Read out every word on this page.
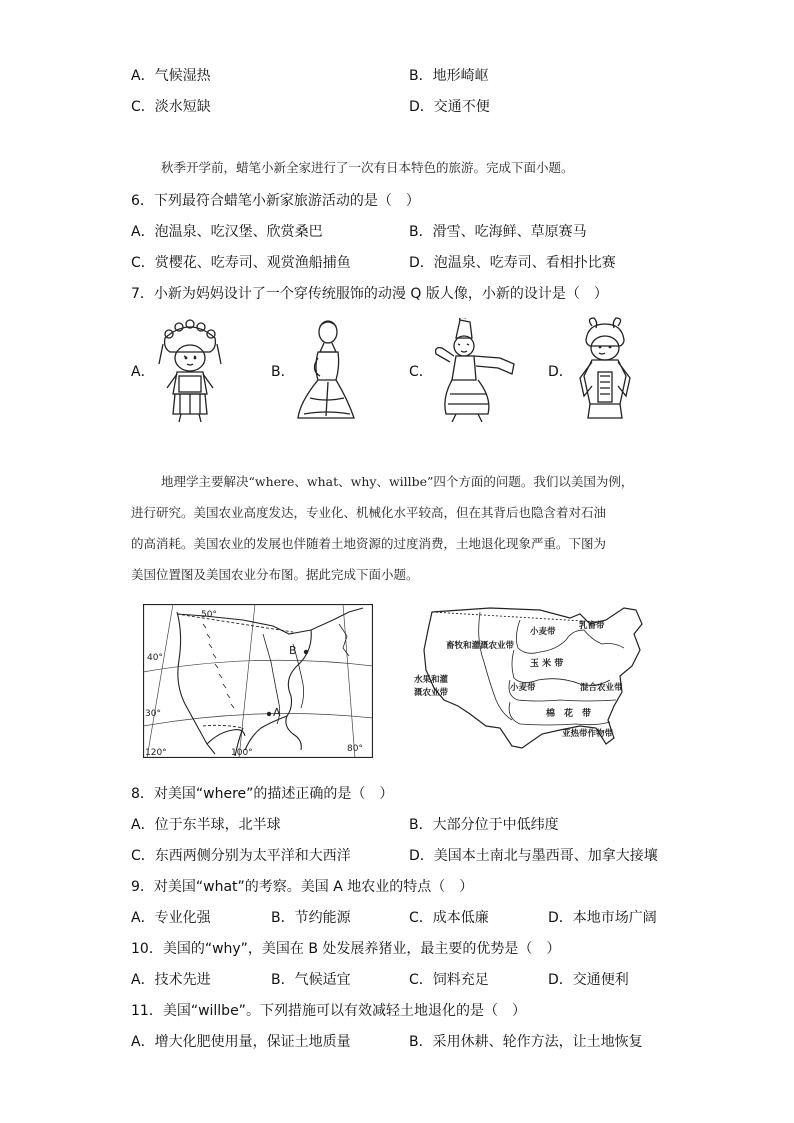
A．气候湿热	B．地形崎岖
C．淡水短缺	D．交通不便
秋季开学前，蜡笔小新全家进行了一次有日本特色的旅游。完成下面小题。
6．下列最符合蜡笔小新家旅游活动的是（　）
A．泡温泉、吃汉堡、欣赏桑巴	B．滑雪、吃海鲜、草原赛马
C．赏樱花、吃寿司、观赏渔船捕鱼	D．泡温泉、吃寿司、看相扑比赛
7．小新为妈妈设计了一个穿传统服饰的动漫 Q 版人像，小新的设计是（　）
A．	B．	C．	D．
地理学主要解决“where、what、why、willbe”四个方面的问题。我们以美国为例，
进行研究。美国农业高度发达，专业化、机械化水平较高，但在其背后也隐含着对石油
的高消耗。美国农业的发展也伴随着土地资源的过度消费，土地退化现象严重。下图为
美国位置图及美国农业分布图。据此完成下面小题。
50°
40°
30°
120°	100°	80°
B
A
乳畜带
小麦带
畜牧和灌溉农业带
玉 米 带
水果和灌
溉农业带	小麦带	混合农业带
棉　花　带
亚热带作物带
8．对美国“where”的描述正确的是（　）
A．位于东半球，北半球	B．大部分位于中低纬度
C．东西两侧分别为太平洋和大西洋	D．美国本土南北与墨西哥、加拿大接壤
9．对美国“what”的考察。美国 A 地农业的特点（　）
A．专业化强	B．节约能源	C．成本低廉	D．本地市场广阔
10．美国的“why”，美国在 B 处发展养猪业，最主要的优势是（　）
A．技术先进	B．气候适宜	C．饲料充足	D．交通便利
11．美国“willbe”。下列措施可以有效减轻土地退化的是（　）
A．增大化肥使用量，保证土地质量	B．采用休耕、轮作方法，让土地恢复
